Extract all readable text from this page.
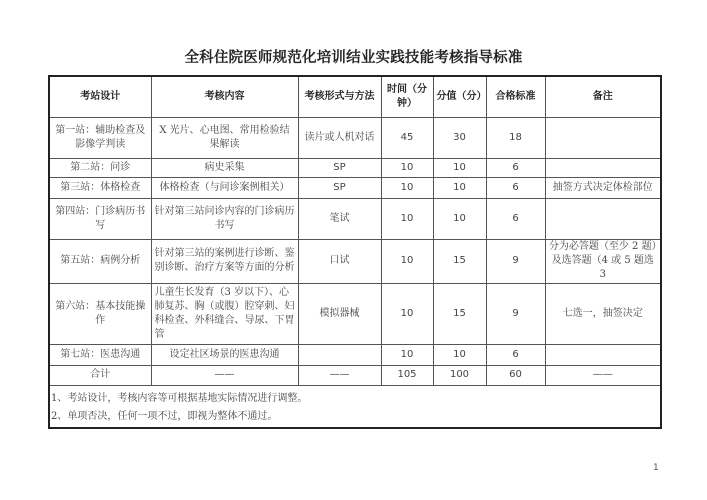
全科住院医师规范化培训结业实践技能考核指导标准
考站设计	考核内容	考核形式与方法	时间（分钟）	分值（分）	合格标准	备注
第一站：辅助检查及影像学判读	X 光片、心电图、常用检验结果解读	读片或人机对话	45	30	18	
第二站：问诊	病史采集	SP	10	10	6	
第三站：体格检查	体格检查（与问诊案例相关）	SP	10	10	6	抽签方式决定体检部位
第四站：门诊病历书写	针对第三站问诊内容的门诊病历书写	笔试	10	10	6	
第五站：病例分析	针对第三站的案例进行诊断、鉴别诊断、治疗方案等方面的分析	口试	10	15	9	分为必答题（至少 2 题）及选答题（4 或 5 题选 3
第六站：基本技能操作	儿童生长发育（3 岁以下）、心肺复苏、胸（或腹）腔穿刺、妇科检查、外科缝合、导尿、下胃管	模拟器械	10	15	9	七选一，抽签决定
第七站：医患沟通	设定社区场景的医患沟通		10	10	6	
合计	——	——	105	100	60	——

1、考站设计，考核内容等可根据基地实际情况进行调整。
2、单项否决，任何一项不过，即视为整体不通过。						
1
